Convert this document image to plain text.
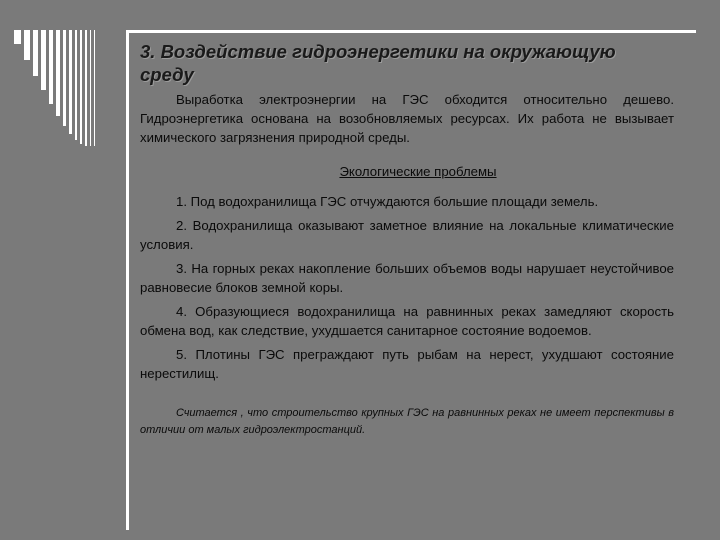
3. Воздействие гидроэнергетики на окружающую среду

Выработка электроэнергии на ГЭС обходится относительно дешево. Гидроэнергетика основана на возобновляемых ресурсах. Их работа не вызывает химического загрязнения природной среды.

Экологические проблемы
1. Под водохранилища ГЭС отчуждаются большие площади земель.
2. Водохранилища оказывают заметное влияние на локальные климатические условия.
3. На горных реках накопление больших объемов воды нарушает неустойчивое равновесие блоков земной коры.
4. Образующиеся водохранилища на равнинных реках замедляют скорость обмена вод, как следствие, ухудшается санитарное состояние водоемов.
5. Плотины ГЭС преграждают путь рыбам на нерест, ухудшают состояние нерестилищ.

Считается , что строительство крупных ГЭС на равнинных реках не имеет перспективы в отличии от малых гидроэлектростанций.
